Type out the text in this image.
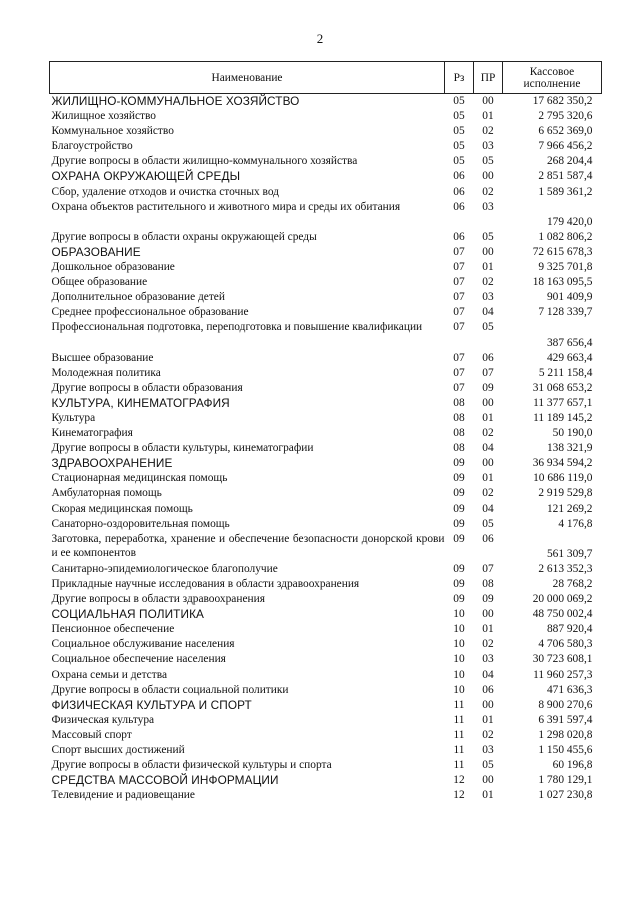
2
Наименование	Рз	ПР	Кассовое исполнение
ЖИЛИЩНО-КОММУНАЛЬНОЕ ХОЗЯЙСТВО	05	00	17 682 350,2
Жилищное хозяйство	05	01	2 795 320,6
Коммунальное хозяйство	05	02	6 652 369,0
Благоустройство	05	03	7 966 456,2
Другие вопросы в области жилищно-коммунального хозяйства	05	05	268 204,4
ОХРАНА ОКРУЖАЮЩЕЙ СРЕДЫ	06	00	2 851 587,4
Сбор, удаление отходов и очистка сточных вод	06	02	1 589 361,2
Охрана объектов растительного и животного мира и среды их обитания	06	03	179 420,0
Другие вопросы в области охраны окружающей среды	06	05	1 082 806,2
ОБРАЗОВАНИЕ	07	00	72 615 678,3
Дошкольное образование	07	01	9 325 701,8
Общее образование	07	02	18 163 095,5
Дополнительное образование детей	07	03	901 409,9
Среднее профессиональное образование	07	04	7 128 339,7
Профессиональная подготовка, переподготовка и повышение квалификации	07	05	387 656,4
Высшее образование	07	06	429 663,4
Молодежная политика	07	07	5 211 158,4
Другие вопросы в области образования	07	09	31 068 653,2
КУЛЬТУРА, КИНЕМАТОГРАФИЯ	08	00	11 377 657,1
Культура	08	01	11 189 145,2
Кинематография	08	02	50 190,0
Другие вопросы в области культуры, кинематографии	08	04	138 321,9
ЗДРАВООХРАНЕНИЕ	09	00	36 934 594,2
Стационарная медицинская помощь	09	01	10 686 119,0
Амбулаторная помощь	09	02	2 919 529,8
Скорая медицинская помощь	09	04	121 269,2
Санаторно-оздоровительная помощь	09	05	4 176,8
Заготовка, переработка, хранение и обеспечение безопасности донорской крови и ее компонентов	09	06	561 309,7
Санитарно-эпидемиологическое благополучие	09	07	2 613 352,3
Прикладные научные исследования в области здравоохранения	09	08	28 768,2
Другие вопросы в области здравоохранения	09	09	20 000 069,2
СОЦИАЛЬНАЯ ПОЛИТИКА	10	00	48 750 002,4
Пенсионное обеспечение	10	01	887 920,4
Социальное обслуживание населения	10	02	4 706 580,3
Социальное обеспечение населения	10	03	30 723 608,1
Охрана семьи и детства	10	04	11 960 257,3
Другие вопросы в области социальной политики	10	06	471 636,3
ФИЗИЧЕСКАЯ КУЛЬТУРА И СПОРТ	11	00	8 900 270,6
Физическая культура	11	01	6 391 597,4
Массовый спорт	11	02	1 298 020,8
Спорт высших достижений	11	03	1 150 455,6
Другие вопросы в области физической культуры и спорта	11	05	60 196,8
СРЕДСТВА МАССОВОЙ ИНФОРМАЦИИ	12	00	1 780 129,1
Телевидение и радиовещание	12	01	1 027 230,8
